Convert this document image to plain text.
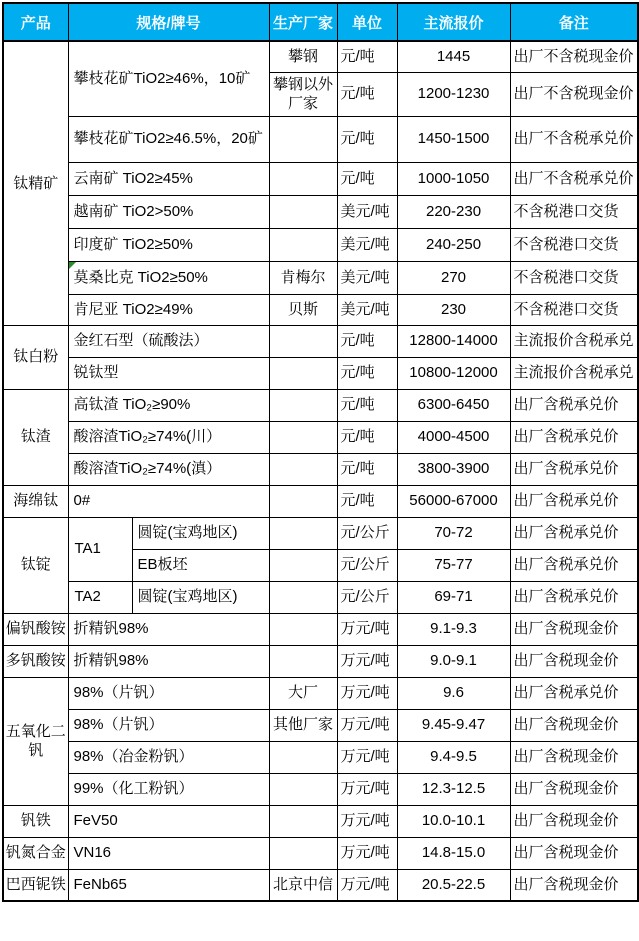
产品	规格/牌号		生产厂家	单位	主流报价	备注
钛精矿	攀枝花矿TiO2≥46%，10矿		攀钢	元/吨	1445	出厂不含税现金价
			攀钢以外厂家	元/吨	1200-1230	出厂不含税现金价
	攀枝花矿TiO2≥46.5%，20矿			元/吨	1450-1500	出厂不含税承兑价
	云南矿 TiO2≥45%			元/吨	1000-1050	出厂不含税承兑价
	越南矿 TiO2>50%			美元/吨	220-230	不含税港口交货
	印度矿 TiO2≥50%			美元/吨	240-250	不含税港口交货
	莫桑比克 TiO2≥50%		肯梅尔	美元/吨	270	不含税港口交货
	肯尼亚 TiO2≥49%		贝斯	美元/吨	230	不含税港口交货
钛白粉	金红石型（硫酸法）			元/吨	12800-14000	主流报价含税承兑
	锐钛型			元/吨	10800-12000	主流报价含税承兑
钛渣	高钛渣 TiO₂≥90%			元/吨	6300-6450	出厂含税承兑价
	酸溶渣TiO₂≥74%(川）			元/吨	4000-4500	出厂含税承兑价
	酸溶渣TiO₂≥74%(滇）			元/吨	3800-3900	出厂含税承兑价
海绵钛	0#			元/吨	56000-67000	出厂含税承兑价
钛锭	TA1	圆锭(宝鸡地区)		元/公斤	70-72	出厂含税承兑价
		EB板坯		元/公斤	75-77	出厂含税承兑价
	TA2	圆锭(宝鸡地区)		元/公斤	69-71	出厂含税承兑价
偏钒酸铵	折精钒98%			万元/吨	9.1-9.3	出厂含税现金价
多钒酸铵	折精钒98%			万元/吨	9.0-9.1	出厂含税现金价
五氧化二钒	98%（片钒）		大厂	万元/吨	9.6	出厂含税承兑价
	98%（片钒）		其他厂家	万元/吨	9.45-9.47	出厂含税现金价
	98%（冶金粉钒）			万元/吨	9.4-9.5	出厂含税现金价
	99%（化工粉钒）			万元/吨	12.3-12.5	出厂含税现金价
钒铁	FeV50			万元/吨	10.0-10.1	出厂含税现金价
钒氮合金	VN16			万元/吨	14.8-15.0	出厂含税现金价
巴西铌铁	FeNb65		北京中信	万元/吨	20.5-22.5	出厂含税现金价
